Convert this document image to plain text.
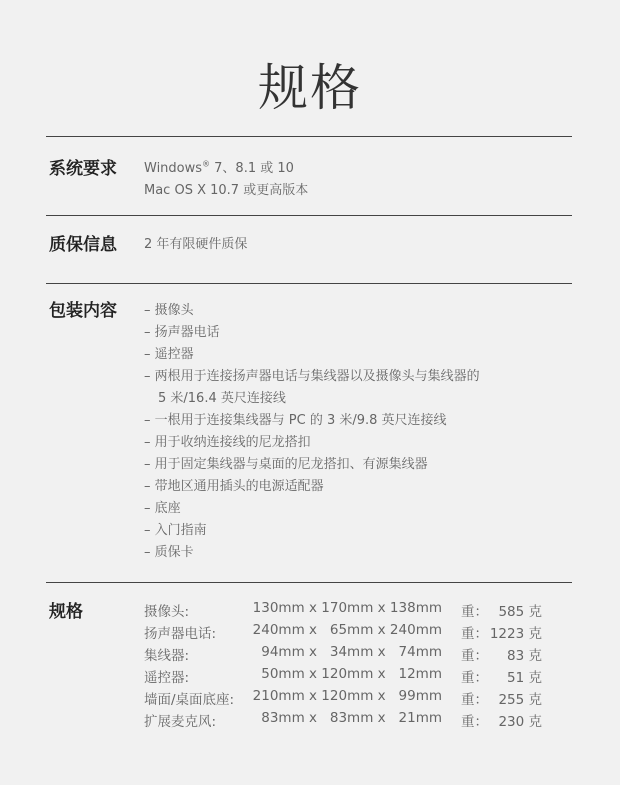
规格
系统要求 Windows® 7、8.1 或 10
Mac OS X 10.7 或更高版本
质保信息 2 年有限硬件质保
包装内容 – 摄像头
– 扬声器电话
– 遥控器
– 两根用于连接扬声器电话与集线器以及摄像头与集线器的
5 米/16.4 英尺连接线
– 一根用于连接集线器与 PC 的 3 米/9.8 英尺连接线
– 用于收纳连接线的尼龙搭扣
– 用于固定集线器与桌面的尼龙搭扣、有源集线器
– 带地区通用插头的电源适配器
– 底座
– 入门指南
– 质保卡
规格	摄像头:	130mm x 170mm x 138mm 重： 585 克
扬声器电话:	240mm x   65mm x 240mm 重： 1223 克
集线器:	94mm x   34mm x   74mm 重： 83 克
遥控器:	50mm x 120mm x   12mm 重： 51 克
墙面/桌面底座: 210mm x 120mm x   99mm 重： 255 克
扩展麦克风:	83mm x   83mm x   21mm 重： 230 克
